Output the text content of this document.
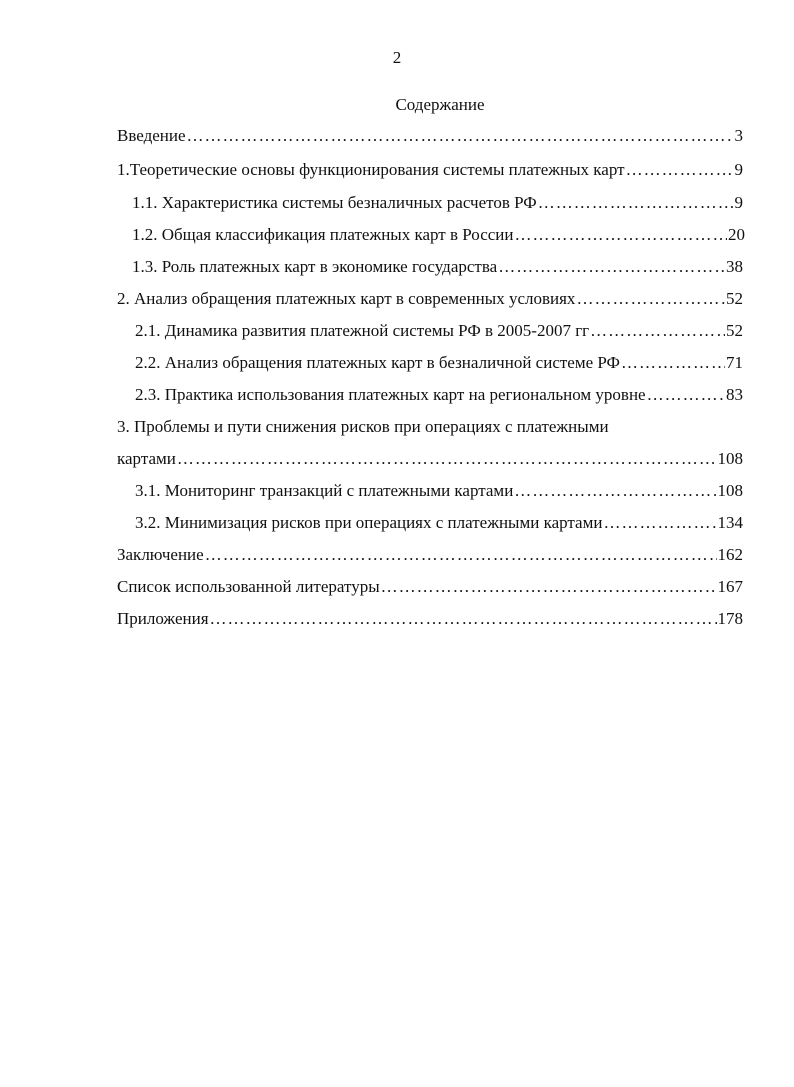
2
Содержание
Введение ………………………………………………………………………………………………………………………………………………………………	3
1.Теоретические основы функционирования системы платежных карт ………………………………………………………………………………………………………………………………………………………………	9
1.1. Характеристика системы безналичных расчетов РФ ………………………………………………………………………………………………………………………………………………………………	9
1.2. Общая классификация платежных карт в России ………………………………………………………………………………………………………………………………………………………………	20
1.3. Роль платежных карт в экономике государства ………………………………………………………………………………………………………………………………………………………………	38
2. Анализ обращения платежных карт в современных условиях ………………………………………………………………………………………………………………………………………………………………	52
2.1. Динамика развития платежной системы РФ в 2005-2007 гг ………………………………………………………………………………………………………………………………………………………………	52
2.2. Анализ обращения платежных карт в безналичной системе РФ ………………………………………………………………………………………………………………………………………………………………	71
2.3. Практика использования платежных карт на региональном уровне ………………………………………………………………………………………………………………………………………………………………	83
3. Проблемы и пути снижения рисков при операциях с платежными
картами ………………………………………………………………………………………………………………………………………………………………	108
3.1. Мониторинг транзакций с платежными картами ………………………………………………………………………………………………………………………………………………………………	108
3.2. Минимизация рисков при операциях с платежными картами ………………………………………………………………………………………………………………………………………………………………	134
Заключение ………………………………………………………………………………………………………………………………………………………………	162
Список использованной литературы ………………………………………………………………………………………………………………………………………………………………	167
Приложения ………………………………………………………………………………………………………………………………………………………………	178
